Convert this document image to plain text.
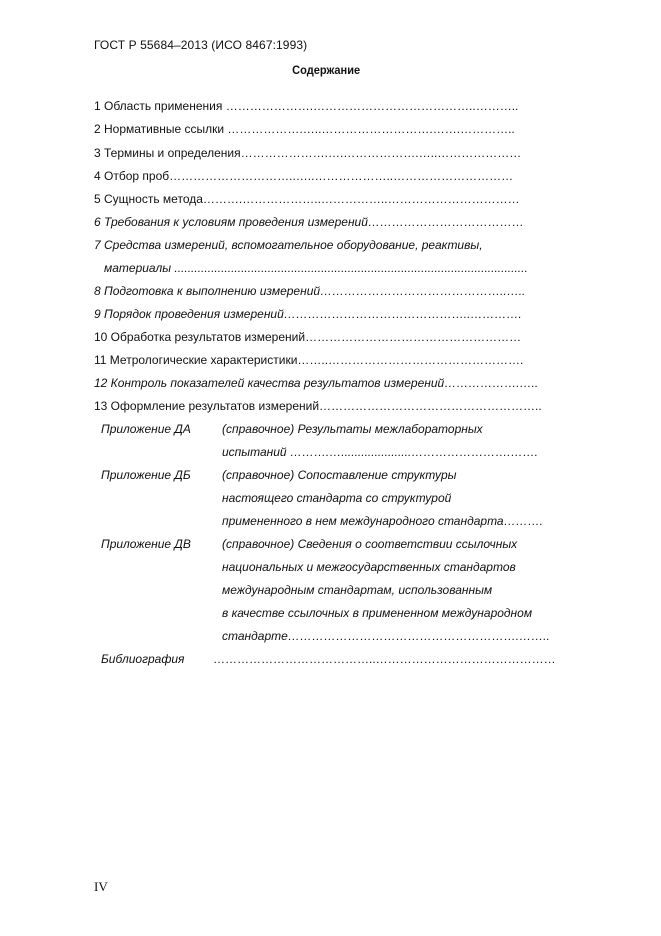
ГОСТ Р 55684–2013 (ИСО 8467:1993)
Содержание
1 Область применения ………………….…………………………………..………..
2 Нормативные ссылки ……………….…..……………………….…….…………..
3 Термины и определения………………….….……………….…..…………………
4 Отбор проб…………………………..…..………………..…………………………
5 Сущность метода……….………………..……………..……………………………
6 Требования к условиям проведения измерений…………………………………
7 Средства измерений, вспомогательное оборудование, реактивы,
материалы ..........................................................................................................
8 Подготовка к выполнению измерений………………………………………..…..
9 Порядок проведения измерений………………………………………..………….
10 Обработка результатов измерений………………………………………………
11 Метрологические характеристики……..………………………………………….
12 Контроль показателей качества результатов измерений……………….…..
13 Оформление результатов измерений………………………………………………..
Приложение ДА	(справочное) Результаты межлабораторных
испытаний ……….….....................…………………….…….
Приложение ДБ	(справочное) Сопоставление структуры
настоящего стандарта со структурой
примененного в нем международного стандарта……….
Приложение ДВ	(справочное) Сведения о соответствии ссылочных
национальных и межгосударственных стандартов
международным стандартам, использованным
в качестве ссылочных в примененном международном
стандарте………………………………………………….……..
Библиография …………………………………..………………………………………
IV
